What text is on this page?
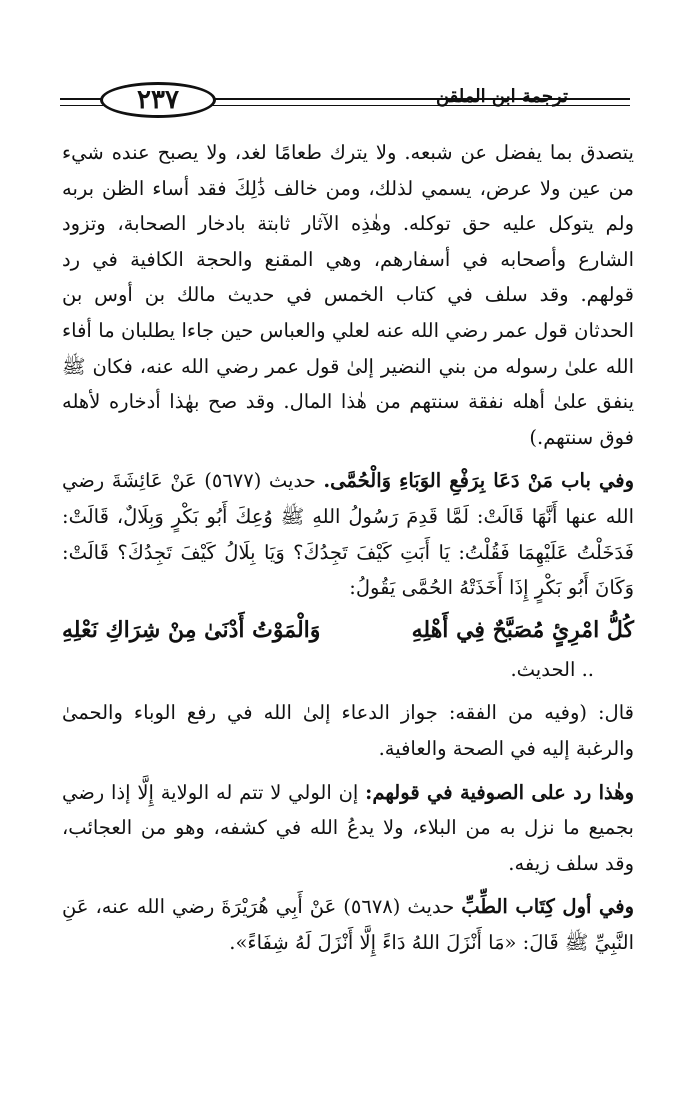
٢٣٧	ترجمة ابن الملقن

يتصدق بما يفضل عن شبعه. ولا يترك طعامًا لغد، ولا يصبح عنده شيء من عين ولا عرض، يسمي لذلك، ومن خالف ذَٰلِكَ فقد أساء الظن بربه ولم يتوكل عليه حق توكله. وهٰذِه الآثار ثابتة بادخار الصحابة، وتزود الشارع وأصحابه في أسفارهم، وهي المقنع والحجة الكافية في رد قولهم. وقد سلف في كتاب الخمس في حديث مالك بن أوس بن الحدثان قول عمر رضي الله عنه لعلي والعباس حين جاءا يطلبان ما أفاء الله علىٰ رسوله من بني النضير إلىٰ قول عمر رضي الله عنه، فكان ﷺ ينفق علىٰ أهله نفقة سنتهم من هٰذا المال. وقد صح بهٰذا أدخاره لأهله فوق سنتهم.)

وفي باب مَنْ دَعَا بِرَفْعِ الوَبَاءِ وَالْحُمَّى. حديث (٥٦٧٧) عَنْ عَائِشَةَ رضي الله عنها أَنَّهَا قَالَتْ: لَمَّا قَدِمَ رَسُولُ اللهِ ﷺ وُعِكَ أَبُو بَكْرٍ وَبِلَالٌ، قَالَتْ: فَدَخَلْتُ عَلَيْهِمَا فَقُلْتُ: يَا أَبَتِ كَيْفَ تَجِدُكَ؟ وَيَا بِلَالُ كَيْفَ تَجِدُكَ؟ قَالَتْ: وَكَانَ أَبُو بَكْرٍ إِذَا أَخَذَتْهُ الحُمَّى يَقُولُ:

كُلُّ امْرِئٍ مُصَبَّحٌ فِي أَهْلِهِ
وَالْمَوْتُ أَدْنَىٰ مِنْ شِرَاكِ نَعْلِهِ

.. الحديث.

قال: (وفيه من الفقه: جواز الدعاء إلىٰ الله في رفع الوباء والحمىٰ والرغبة إليه في الصحة والعافية.

وهٰذا رد على الصوفية في قولهم: إن الولي لا تتم له الولاية إِلَّا إذا رضي بجميع ما نزل به من البلاء، ولا يدعُ الله في كشفه، وهو من العجائب، وقد سلف زيفه.

وفي أول كِتَاب الطِّبِّ حديث (٥٦٧٨) عَنْ أَبِي هُرَيْرَةَ رضي الله عنه، عَنِ النَّبِيِّ ﷺ قَالَ: «مَا أَنْزَلَ اللهُ دَاءً إِلَّا أَنْزَلَ لَهُ شِفَاءً».
